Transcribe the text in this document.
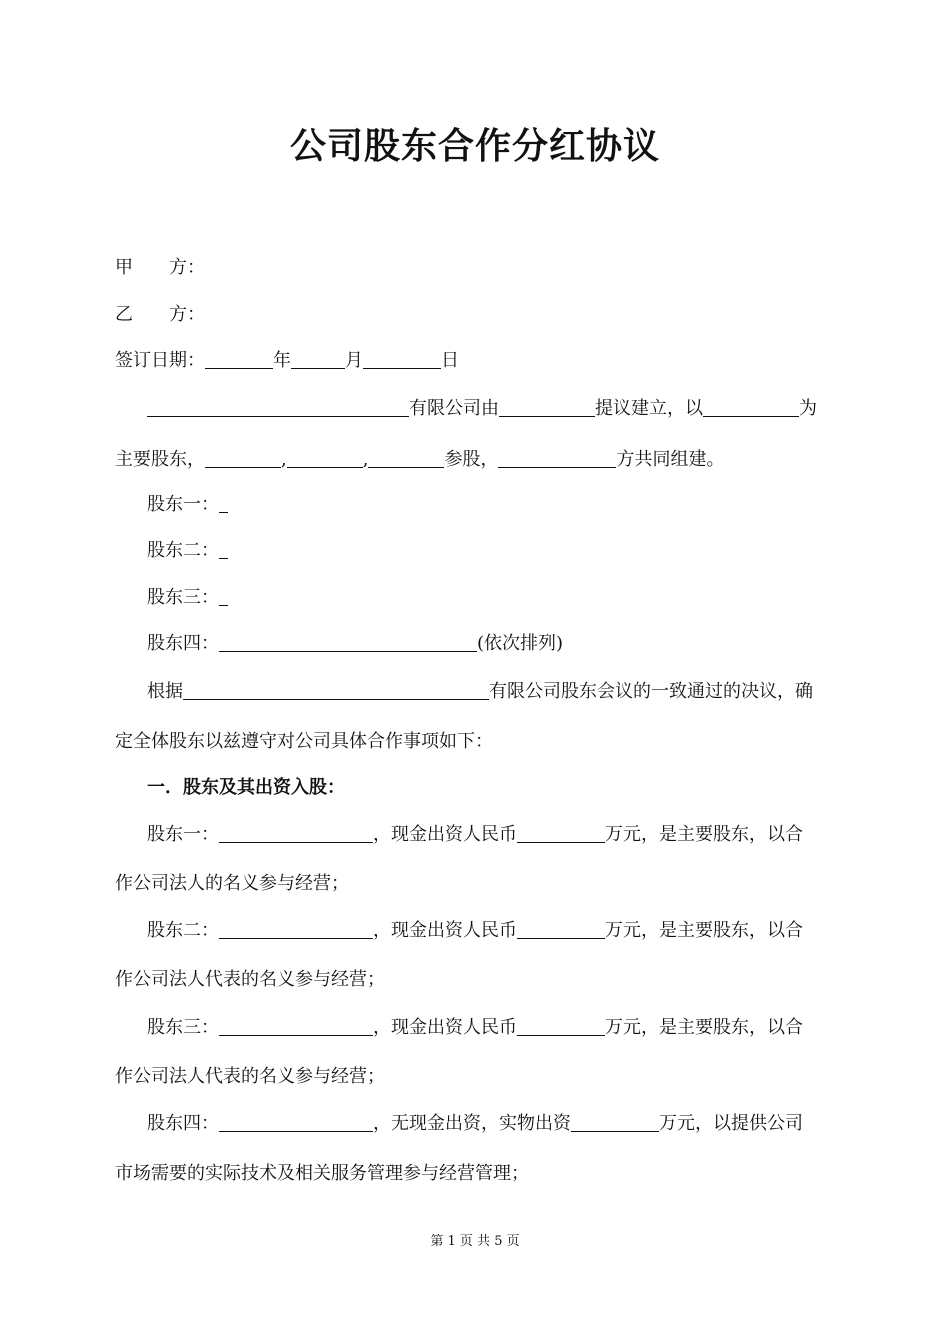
公司股东合作分红协议
甲　　方：
乙　　方：
签订日期：	年	月	日
有限公司由	提议建立，以	为
主要股东，	,	,	参股，	方共同组建。
股东一：
股东二：
股东三：
股东四：	(依次排列)
根据	有限公司股东会议的一致通过的决议，确
定全体股东以兹遵守对公司具体合作事项如下：
一．股东及其出资入股：
股东一：	，现金出资人民币	万元，是主要股东，以合
作公司法人的名义参与经营；
股东二：	，现金出资人民币	万元，是主要股东，以合
作公司法人代表的名义参与经营；
股东三：	，现金出资人民币	万元，是主要股东，以合
作公司法人代表的名义参与经营；
股东四：	，无现金出资，实物出资	万元，以提供公司
市场需要的实际技术及相关服务管理参与经营管理；
第 1 页 共 5 页
